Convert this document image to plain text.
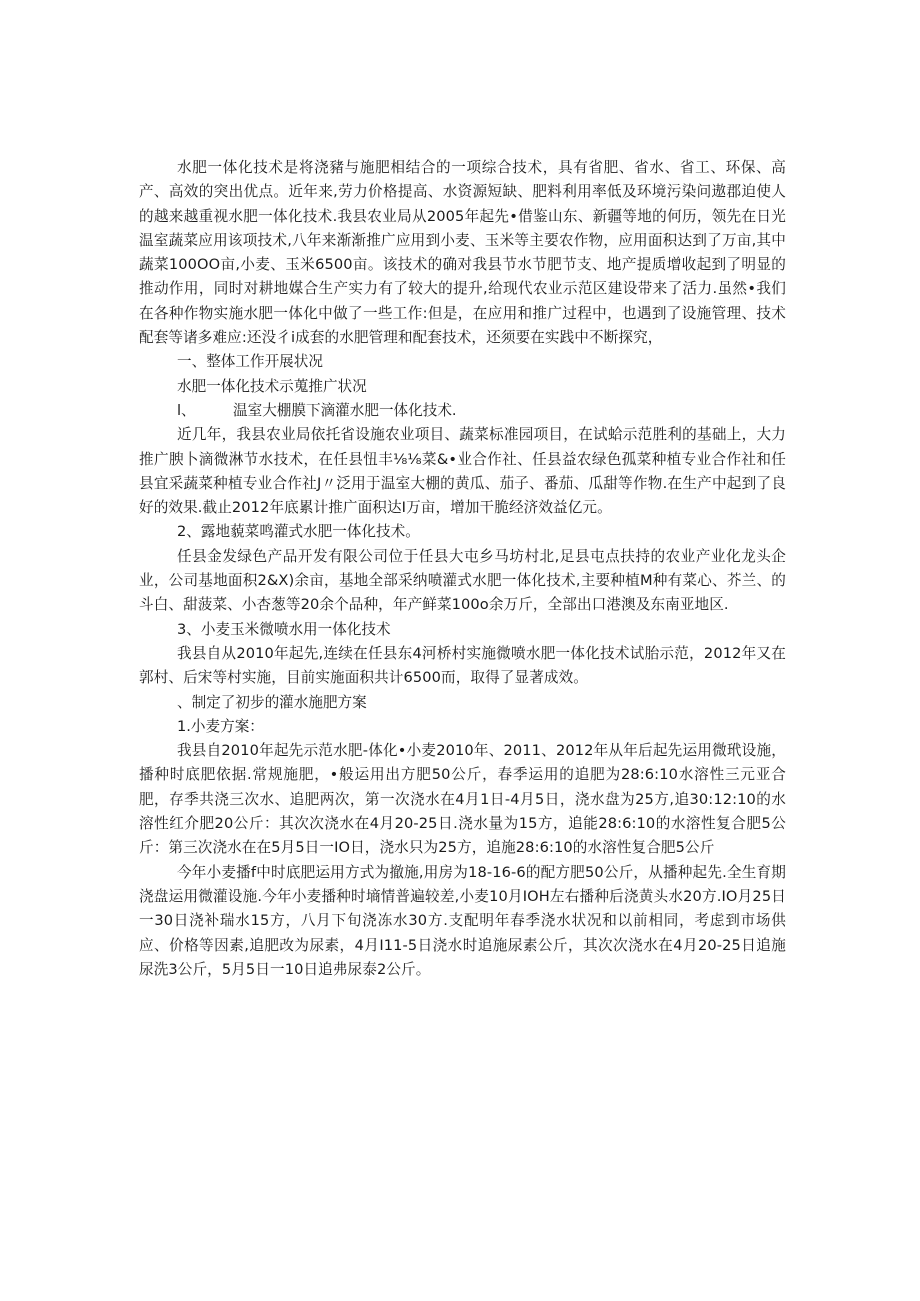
水肥一体化技术是将浇豬与施肥相结合的一项综合技术，具有省肥、省水、省工、环保、高产、高效的突出优点。近年来,劳力价格提高、水资源短缺、肥料利用率低及环境污染问遨郡迫使人的越来越重视水肥一体化技术.我县农业局从2005年起先•借鉴山东、新疆等地的何历，领先在日光温室蔬菜应用该项技术,八年来渐渐推广应用到小麦、玉米等主要农作物，应用面积达到了万亩,其中蔬菜100OO亩,小麦、玉米6500亩。该技术的确对我县节水节肥节支、地产提质增收起到了明显的推动作用，同时对耕地媒合生产实力有了较大的提升,给现代农业示范区建设带来了活力.虽然•我们在各种作物实施水肥一体化中做了一些工作:但是，在应用和推广过程中，也遇到了设施管理、技术配套等诸多难应:还没彳i成套的水肥管理和配套技术，还须要在实践中不断探究，

一、整体工作开展状况

水肥一体化技术示蒐推广状况

l、	温室大棚膜下滴灌水肥一体化技术.

近几年，我县农业局依托省设施农业项目、蔬菜标准园项目，在试蛤示范胜利的基础上，大力推广腴卜滴微淋节水技术，在任县忸丰⅛⅛菜&•业合作社、任县益农绿色孤菜种植专业合作社和任县宜采蔬菜种植专业合作社J〃泛用于温室大棚的黄瓜、茄子、番茄、瓜甜等作物.在生产中起到了良好的效果.截止2012年底累计推广面积达I万亩，增加干脆经济效益亿元。

2、露地藐菜鸣灌式水肥一体化技术。

任县金发绿色产品开发有限公司位于任县大屯乡马坊村北,足县屯点扶持的农业产业化龙头企业，公司基地面积2&X)余亩，基地全部采纳喷灌式水肥一体化技术,主要种植M种有菜心、芥兰、的斗白、甜菠菜、小杏葱等20余个品种，年产鲜菜100o余万斤，全部出口港澳及东南亚地区.

3、小麦玉米微喷水用一体化技术

我县自从2010年起先,连续在任县东4河桥村实施微喷水肥一体化技术试胎示范，2012年又在郭村、后宋等村实施，目前实施面积共计6500而，取得了显著成效。

、制定了初步的灌水施肥方案

1.小麦方案：

我县自2010年起先示范水肥-体化•小麦2010年、2011、2012年从年后起先运用微玳设施，播种时底肥依据.常规施肥，•般运用出方肥50公斤，春季运用的追肥为28:6:10水溶性三元亚合肥，存季共浇三次水、追肥两次，第一次浇水在4月1日-4月5日，浇水盘为25方,追30:12:10的水溶性红介肥20公斤：其次次浇水在4月20-25日.浇水量为15方，追能28:6:10的水溶性复合肥5公斤：第三次浇水在在5月5日一IO日，浇水只为25方，追施28:6:10的水溶性复合肥5公斤

今年小麦播f中时底肥运用方式为撤施,用房为18-16-6的配方肥50公斤，从播种起先.全生育期浇盘运用微灌设施.今年小麦播种时墒情普遍较差,小麦10月IOH左右播种后浇黄头水20方.IO月25日一30日浇补瑞水15方，八月下旬浇冻水30方.支配明年春季浇水状况和以前相同，考虑到市场供应、价格等因素,追肥改为尿素，4月I11-5日浇水时追施尿素公斤，其次次浇水在4月20-25日追施尿洗3公斤，5月5日一10日追弗尿泰2公斤。
